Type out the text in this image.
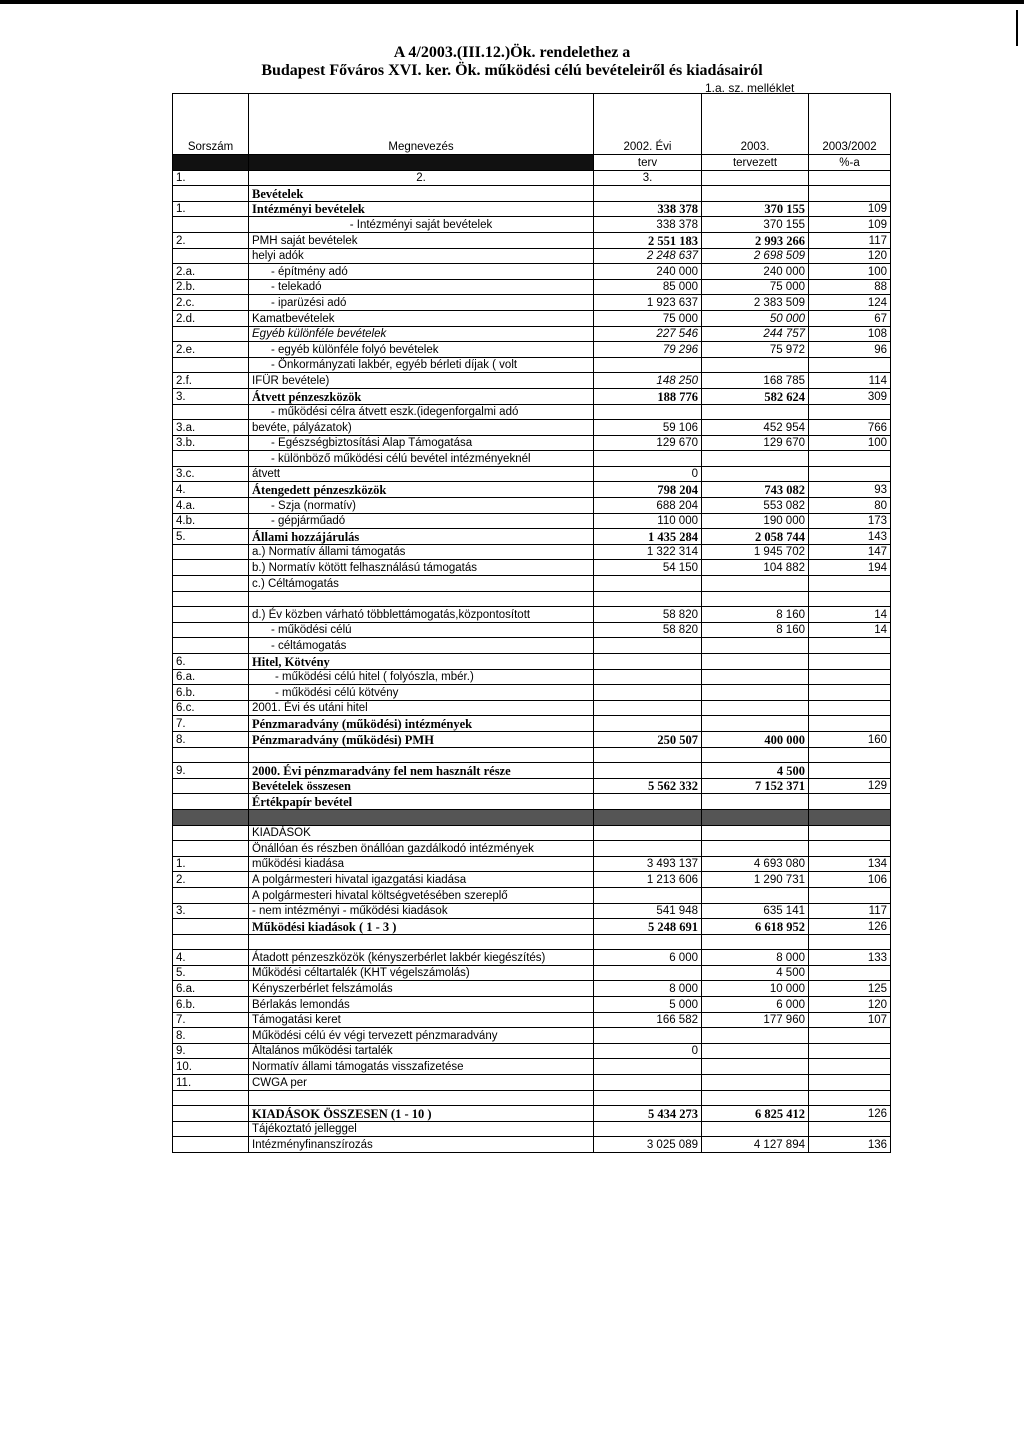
A 4/2003.(III.12.)Ök. rendelethez a
Budapest Főváros XVI. ker. Ök. működési célú bevételeiről és kiadásairól
1.a. sz. melléklet
Sorszám	Megnevezés	2002. Évi	2003.	2003/2002
		terv	tervezett	%-a
1.	2.	3.		
	Bevételek			
1.	Intézményi bevételek	338 378	370 155	109
	- Intézményi saját bevételek	338 378	370 155	109
2.	PMH saját bevételek	2 551 183	2 993 266	117
	helyi adók	2 248 637	2 698 509	120
2.a.	- építmény adó	240 000	240 000	100
2.b.	- telekadó	85 000	75 000	88
2.c.	- iparüzési adó	1 923 637	2 383 509	124
2.d.	Kamatbevételek	75 000	50 000	67
	Egyéb különféle bevételek	227 546	244 757	108
2.e.	- egyéb különféle folyó bevételek	79 296	75 972	96
	- Önkormányzati lakbér, egyéb bérleti díjak ( volt			
2.f.	IFÜR bevétele)	148 250	168 785	114
3.	Átvett pénzeszközök	188 776	582 624	309
	- működési célra átvett eszk.(idegenforgalmi adó			
3.a.	bevéte, pályázatok)	59 106	452 954	766
3.b.	- Egészségbiztosítási Alap Támogatása	129 670	129 670	100
	- különböző működési célú bevétel intézményeknél			
3.c.	átvett	0		
4.	Átengedett pénzeszközök	798 204	743 082	93
4.a.	- Szja (normatív)	688 204	553 082	80
4.b.	- gépjárműadó	110 000	190 000	173
5.	Állami hozzájárulás	1 435 284	2 058 744	143
	a.) Normatív állami támogatás	1 322 314	1 945 702	147
	b.) Normatív kötött felhasználású támogatás	54 150	104 882	194
	c.) Céltámogatás			

	d.) Év közben várható többlettámogatás,központosított	58 820	8 160	14
	- működési célú	58 820	8 160	14
	- céltámogatás			
6.	Hitel, Kötvény			
6.a.	- működési célú hitel ( folyószla, mbér.)			
6.b.	- működési célú kötvény			
6.c.	2001. Évi és utáni hitel			
7.	Pénzmaradvány (működési) intézmények			
8.	Pénzmaradvány (működési) PMH	250 507	400 000	160

9.	2000. Évi pénzmaradvány fel nem használt része		4 500	
	Bevételek összesen	5 562 332	7 152 371	129
	Értékpapír bevétel			

	KIADÁSOK			
	Önállóan és részben önállóan gazdálkodó intézmények			
1.	működési kiadása	3 493 137	4 693 080	134
2.	A polgármesteri hivatal igazgatási kiadása	1 213 606	1 290 731	106
	A polgármesteri hivatal költségvetésében szereplő			
3.	- nem intézményi - működési kiadások	541 948	635 141	117
	Működési kiadások ( 1 - 3 )	5 248 691	6 618 952	126

4.	Átadott pénzeszközök (kényszerbérlet lakbér kiegészítés)	6 000	8 000	133
5.	Működési céltartalék (KHT végelszámolás)		4 500	
6.a.	Kényszerbérlet felszámolás	8 000	10 000	125
6.b.	Bérlakás lemondás	5 000	6 000	120
7.	Támogatási keret	166 582	177 960	107
8.	Működési célú év végi tervezett pénzmaradvány			
9.	Általános működési tartalék	0		
10.	Normatív állami támogatás visszafizetése			
11.	CWGA per			

	KIADÁSOK ÖSSZESEN (1 - 10 )	5 434 273	6 825 412	126
	Tájékoztató jelleggel			
	Intézményfinanszírozás	3 025 089	4 127 894	136
